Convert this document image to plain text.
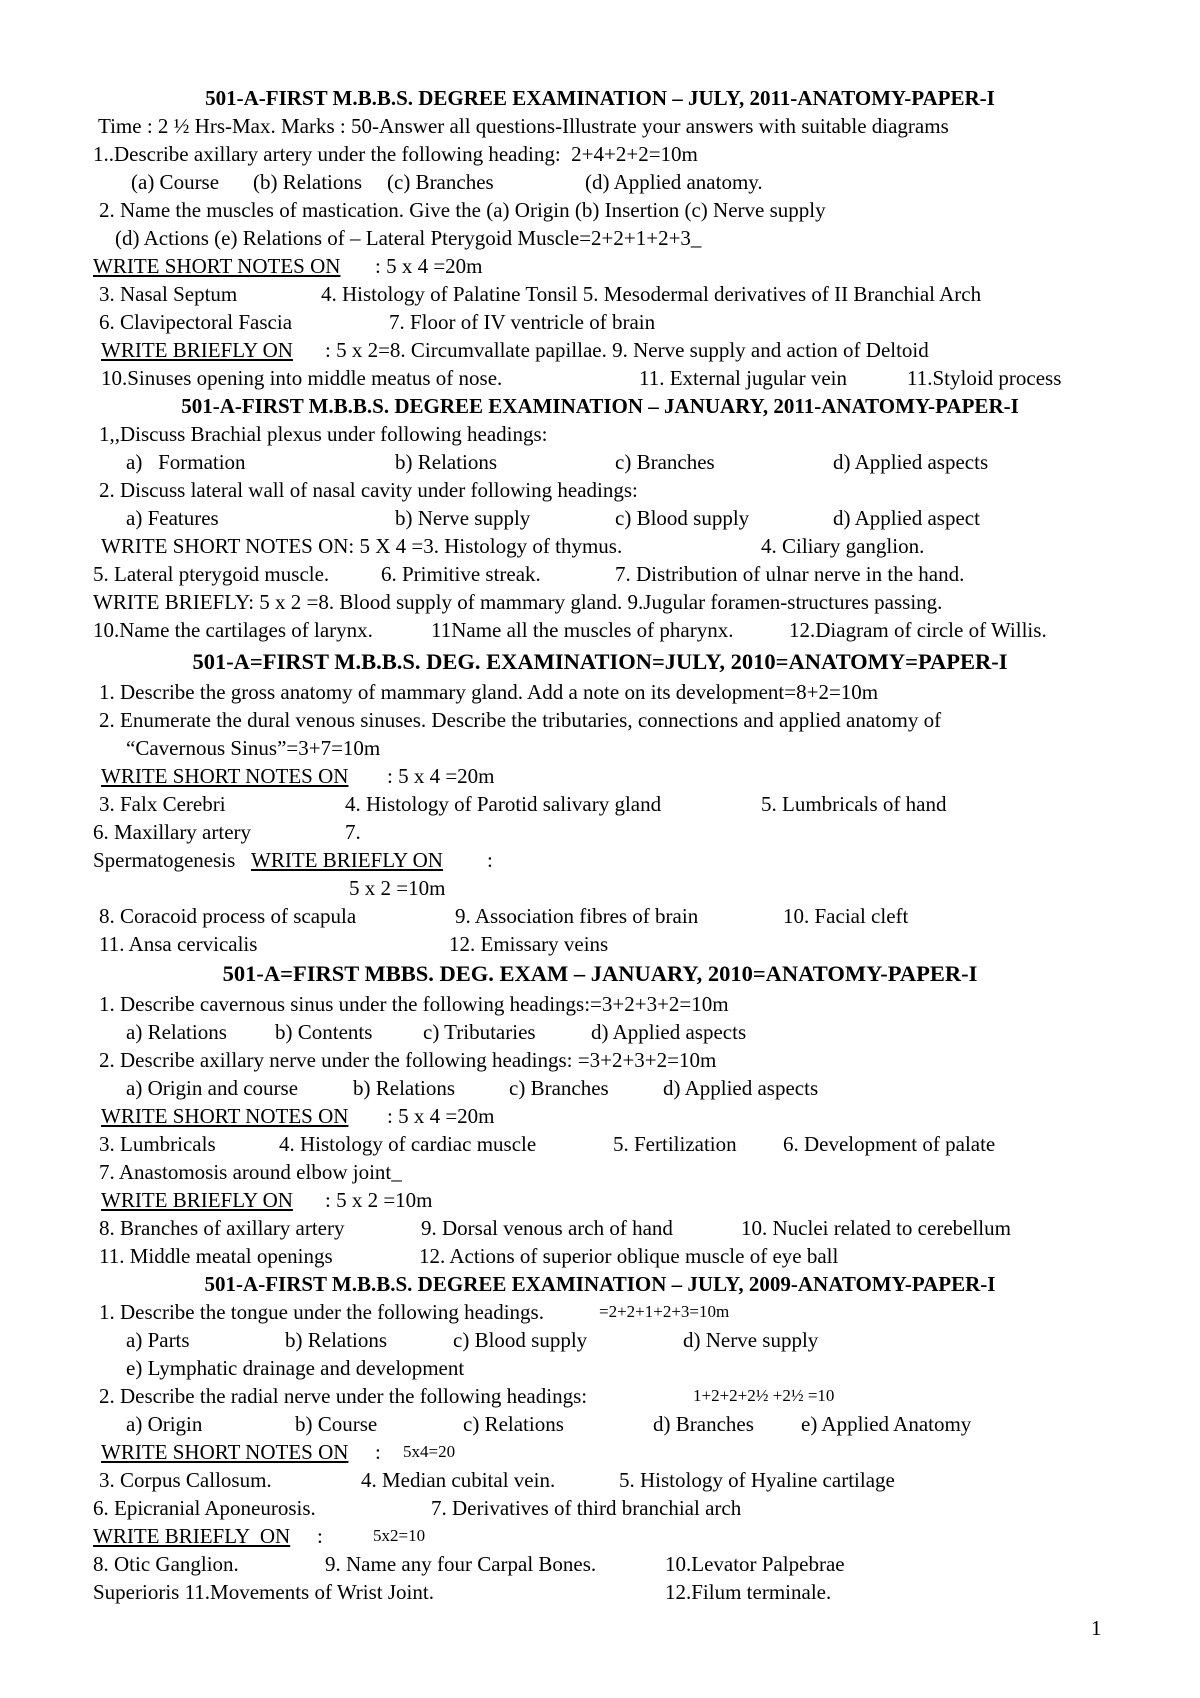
501-A-FIRST M.B.B.S. DEGREE EXAMINATION – JULY, 2011-ANATOMY-PAPER-I
Time : 2 ½ Hrs-Max. Marks : 50-Answer all questions-Illustrate your answers with suitable diagrams
1..Describe axillary artery under the following heading:  2+4+2+2=10m

(a) Course

(b) Relations

(c) Branches

	(d) Applied anatomy.

2. Name the muscles of mastication. Give the (a) Origin (b) Insertion (c) Nerve supply
(d) Actions (e) Relations of – Lateral Pterygoid Muscle=2+2+1+2+3_

WRITE SHORT NOTES ON

: 5 x 4 =20m

3. Nasal Septum

	4. Histology of Palatine Tonsil 5. Mesodermal derivatives of II Branchial Arch

6. Clavipectoral Fascia

	7. Floor of IV ventricle of brain

WRITE BRIEFLY ON

: 5 x 2=8. Circumvallate papillae. 9. Nerve supply and action of Deltoid

10.Sinuses opening into middle meatus of nose.

	11. External jugular vein

	11.Styloid process

501-A-FIRST M.B.B.S. DEGREE EXAMINATION – JANUARY, 2011-ANATOMY-PAPER-I
1,,Discuss Brachial plexus under following headings:

a)   Formation

	b) Relations

	c) Branches

	d) Applied aspects

2. Discuss lateral wall of nasal cavity under following headings:

a) Features

	b) Nerve supply

	c) Blood supply

	d) Applied aspect

WRITE SHORT NOTES ON: 5 X 4 =3. Histology of thymus.

	4. Ciliary ganglion.

5. Lateral pterygoid muscle.

6. Primitive streak.

	7. Distribution of ulnar nerve in the hand.

WRITE BRIEFLY: 5 x 2 =8. Blood supply of mammary gland. 9.Jugular foramen-structures passing.

10.Name the cartilages of larynx.

	11Name all the muscles of pharynx.

	12.Diagram of circle of Willis.

501-A=FIRST M.B.B.S. DEG. EXAMINATION=JULY, 2010=ANATOMY=PAPER-I
1. Describe the gross anatomy of mammary gland. Add a note on its development=8+2=10m
2. Enumerate the dural venous sinuses. Describe the tributaries, connections and applied anatomy of
“Cavernous Sinus”=3+7=10m

WRITE SHORT NOTES ON

: 5 x 4 =20m

3. Falx Cerebri

	4. Histology of Parotid salivary gland

	5. Lumbricals of hand

6. Maxillary artery

	7.

Spermatogenesis

WRITE BRIEFLY ON

:

5 x 2 =10m

8. Coracoid process of scapula

	9. Association fibres of brain

	10. Facial cleft

11. Ansa cervicalis

	12. Emissary veins

501-A=FIRST MBBS. DEG. EXAM – JANUARY, 2010=ANATOMY-PAPER-I
1. Describe cavernous sinus under the following headings:=3+2+3+2=10m

a) Relations

b) Contents

c) Tributaries

	d) Applied aspects

2. Describe axillary nerve under the following headings: =3+2+3+2=10m

a) Origin and course

	b) Relations

	c) Branches

	d) Applied aspects

WRITE SHORT NOTES ON

: 5 x 4 =20m

3. Lumbricals

	4. Histology of cardiac muscle

	5. Fertilization

6. Development of palate

7. Anastomosis around elbow joint_

WRITE BRIEFLY ON

: 5 x 2 =10m

8. Branches of axillary artery

	9. Dorsal venous arch of hand

	10. Nuclei related to cerebellum

11. Middle meatal openings

	12. Actions of superior oblique muscle of eye ball

501-A-FIRST M.B.B.S. DEGREE EXAMINATION – JULY, 2009-ANATOMY-PAPER-I

1. Describe the tongue under the following headings.

	=2+2+1+2+3=10m

a) Parts

	b) Relations

	c) Blood supply

	d) Nerve supply

e) Lymphatic drainage and development

2. Describe the radial nerve under the following headings:

	1+2+2+2½ +2½ =10

a) Origin

	b) Course

	c) Relations

	d) Branches

e) Applied Anatomy

WRITE SHORT NOTES ON

:

5x4=20

3. Corpus Callosum.

	4. Median cubital vein.

	5. Histology of Hyaline cartilage

6. Epicranial Aponeurosis.

	7. Derivatives of third branchial arch

WRITE BRIEFLY  ON

:

	5x2=10

8. Otic Ganglion.

	9. Name any four Carpal Bones.

	10.Levator Palpebrae

Superioris 11.Movements of Wrist Joint.

	12.Filum terminale.

1
